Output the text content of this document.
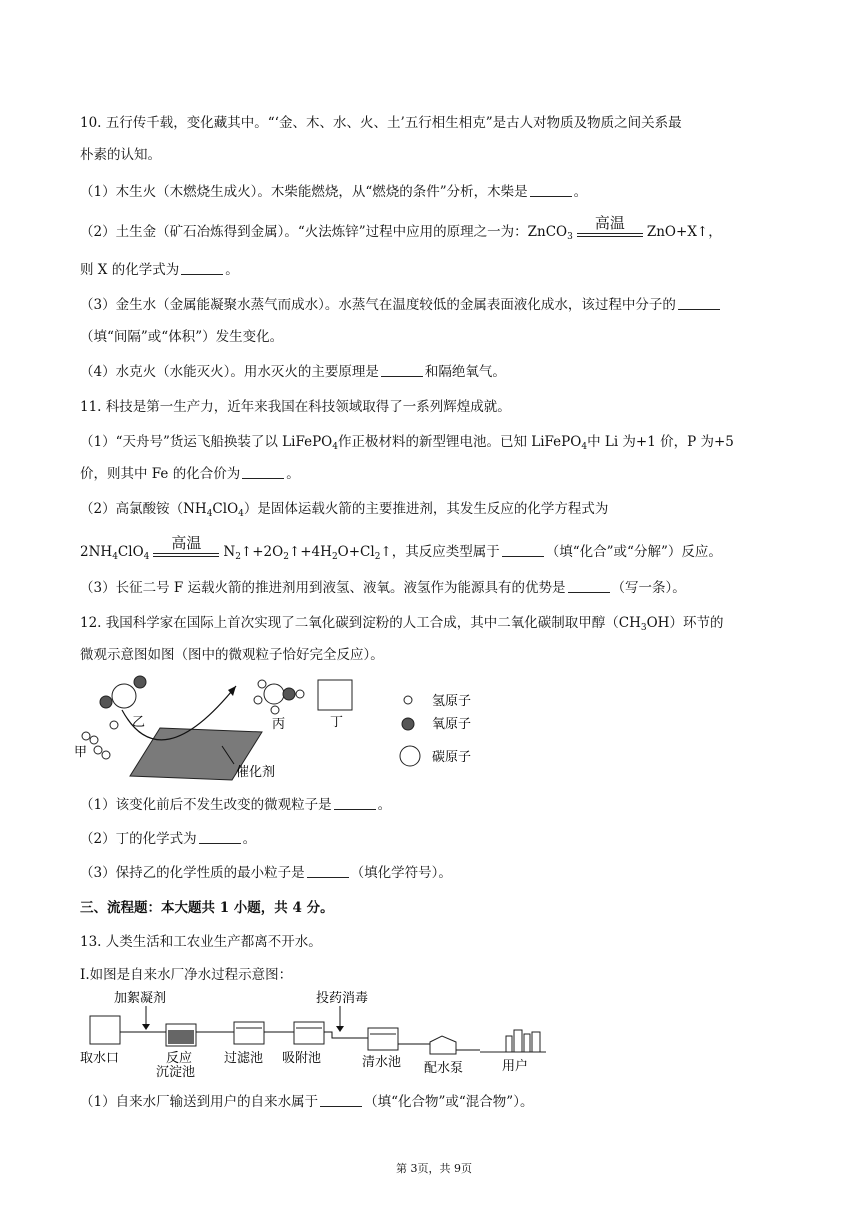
10. 五行传千载，变化藏其中。“‘金、木、水、火、土’五行相生相克”是古人对物质及物质之间关系最
朴素的认知。
（1）木生火（木燃烧生成火）。木柴能燃烧，从“燃烧的条件”分析，木柴是	。
（2）土生金（矿石冶炼得到金属）。“火法炼锌”过程中应用的原理之一为：ZnCO$_3$
高温	ZnO+X↑，
则 X 的化学式为	。
（3）金生水（金属能凝聚水蒸气而成水）。水蒸气在温度较低的金属表面液化成水，该过程中分子的
（填“间隔”或“体积”）发生变化。
（4）水克火（水能灭火）。用水灭火的主要原理是	和隔绝氧气。
11. 科技是第一生产力，近年来我国在科技领域取得了一系列辉煌成就。
（1）“天舟号”货运飞船换装了以 LiFePO$_4$作正极材料的新型锂电池。已知 LiFePO$_4$中 Li 为+1 价，P 为+5
价，则其中 Fe 的化合价为	。
（2）高氯酸铵$(NH_4ClO_4)$是固体运载火箭的主要推进剂，其发生反应的化学方程式为
$2NH_4ClO_4$
高温	$N_2↑+2O_2↑+4H_2O+Cl_2↑$，其反应类型属于	（填“化合”或“分解”）反应。
（3）长征二号 F 运载火箭的推进剂用到液氢、液氧。液氢作为能源具有的优势是	（写一条）。
12. 我国科学家在国际上首次实现了二氧化碳到淀粉的人工合成，其中二氧化碳制取甲醇$(CH_3OH)$环节的
微观示意图如图（图中的微观粒子恰好完全反应）。
乙
甲
催化剂
丙	丁
氢原子
氧原子
碳原子
（1）该变化前后不发生改变的微观粒子是	。
（2）丁的化学式为	。
（3）保持乙的化学性质的最小粒子是	（填化学符号）。
三、流程题：本大题共 1 小题，共 4 分。
13. 人类生活和工农业生产都离不开水。
Ⅰ.如图是自来水厂净水过程示意图：
加絮凝剂	投药消毒
取水口	反应
沉淀池
过滤池 吸附池	清水池 配水泵	用户
（1）自来水厂输送到用户的自来水属于	（填“化合物”或“混合物”）。
第 3页，共 9页
